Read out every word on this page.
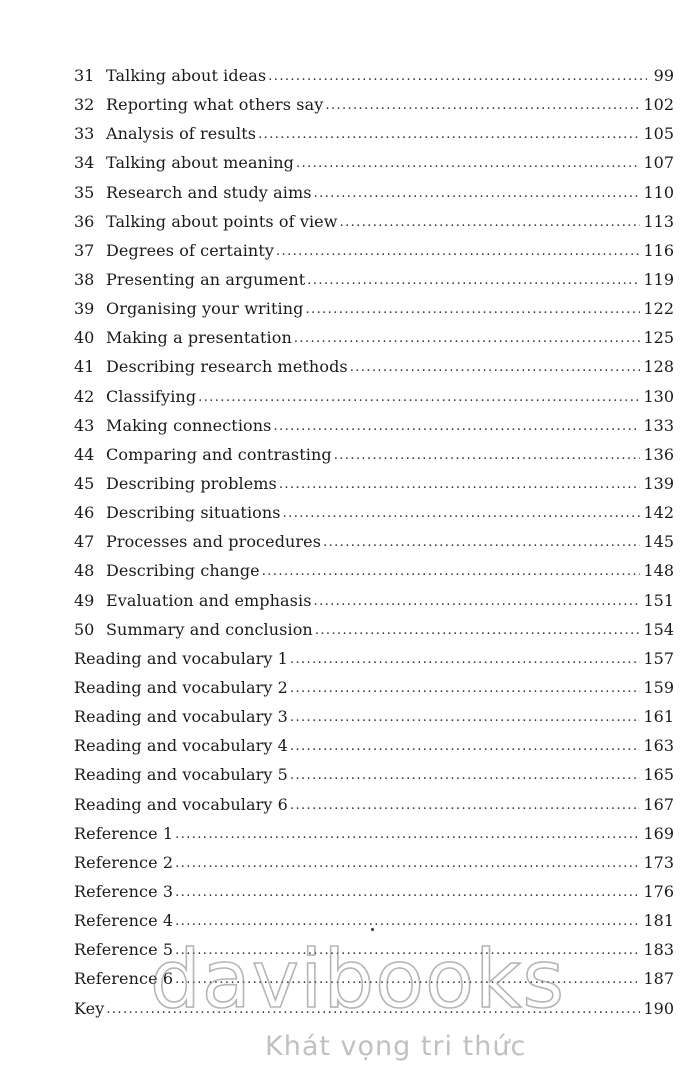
31 Talking about ideas .....	99
32 Reporting what others say .....	102
33 Analysis of results .....	105
34 Talking about meaning .....	107
35 Research and study aims .....	110
36 Talking about points of view .....	113
37 Degrees of certainty .....	116
38 Presenting an argument .....	119
39 Organising your writing .....	122
40 Making a presentation .....	125
41 Describing research methods .....	128
42 Classifying .....	130
43 Making connections .....	133
44 Comparing and contrasting .....	136
45 Describing problems .....	139
46 Describing situations .....	142
47 Processes and procedures .....	145
48 Describing change .....	148
49 Evaluation and emphasis .....	151
50 Summary and conclusion .....	154
Reading and vocabulary 1 .....	157
Reading and vocabulary 2 .....	159
Reading and vocabulary 3 .....	161
Reading and vocabulary 4 .....	163
Reading and vocabulary 5 .....	165
Reading and vocabulary 6 .....	167
Reference 1 .....	169
Reference 2 .....	173
Reference 3 .....	176
Reference 4 .....	181
Reference 5 .....	183
Reference 6 .....	187
Key .....	190
davibooks
Khát vọng tri thức
